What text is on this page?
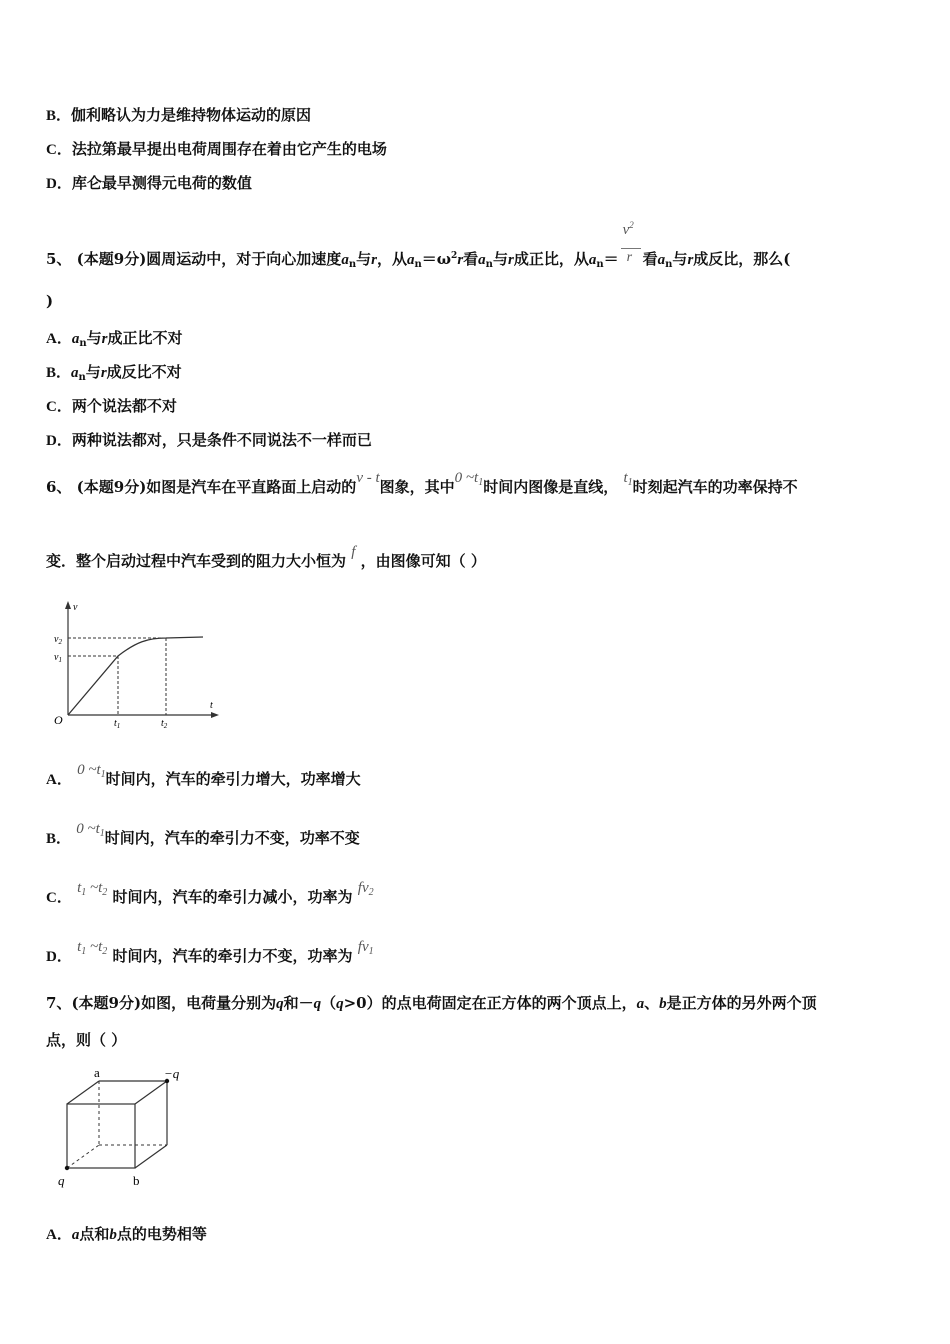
B．伽利略认为力是维持物体运动的原因
C．法拉第最早提出电荷周围存在着由它产生的电场
D．库仑最早测得元电荷的数值
5、 (本题9分)圆周运动中，对于向心加速度$a_n$与r，从$a_n=\omega^2r$看$a_n$与r成正比，从$a_n= \frac{v^2}{r}$ 看$a_n$与r成反比，那么(
)
A．$a_n$与r成正比不对
B．$a_n$与r成反比不对
C．两个说法都不对
D．两种说法都对，只是条件不同说法不一样而已
6、 (本题9分)如图是汽车在平直路面上启动的v - t图象，其中0 $\sim t_1$时间内图像是直线， $t_1$时刻起汽车的功率保持不
变．整个启动过程中汽车受到的阻力大小恒为 f ，由图像可知（ ）
v
t
O
$v_2$
$v_1$
$t_1$	$t_2$
A． 0 $\sim t_1$时间内，汽车的牵引力增大，功率增大
B． 0 $\sim t_1$时间内，汽车的牵引力不变，功率不变
C． $t_1$ $\sim t_2$ 时间内，汽车的牵引力减小，功率为 $fv_2$
D． $t_1$ $\sim t_2$ 时间内，汽车的牵引力不变，功率为 $fv_1$
7、(本题9分)如图，电荷量分别为q和－q（q>0）的点电荷固定在正方体的两个顶点上，a、b是正方体的另外两个顶
点，则（ ）
a	−q
q	b
A．a点和b点的电势相等
